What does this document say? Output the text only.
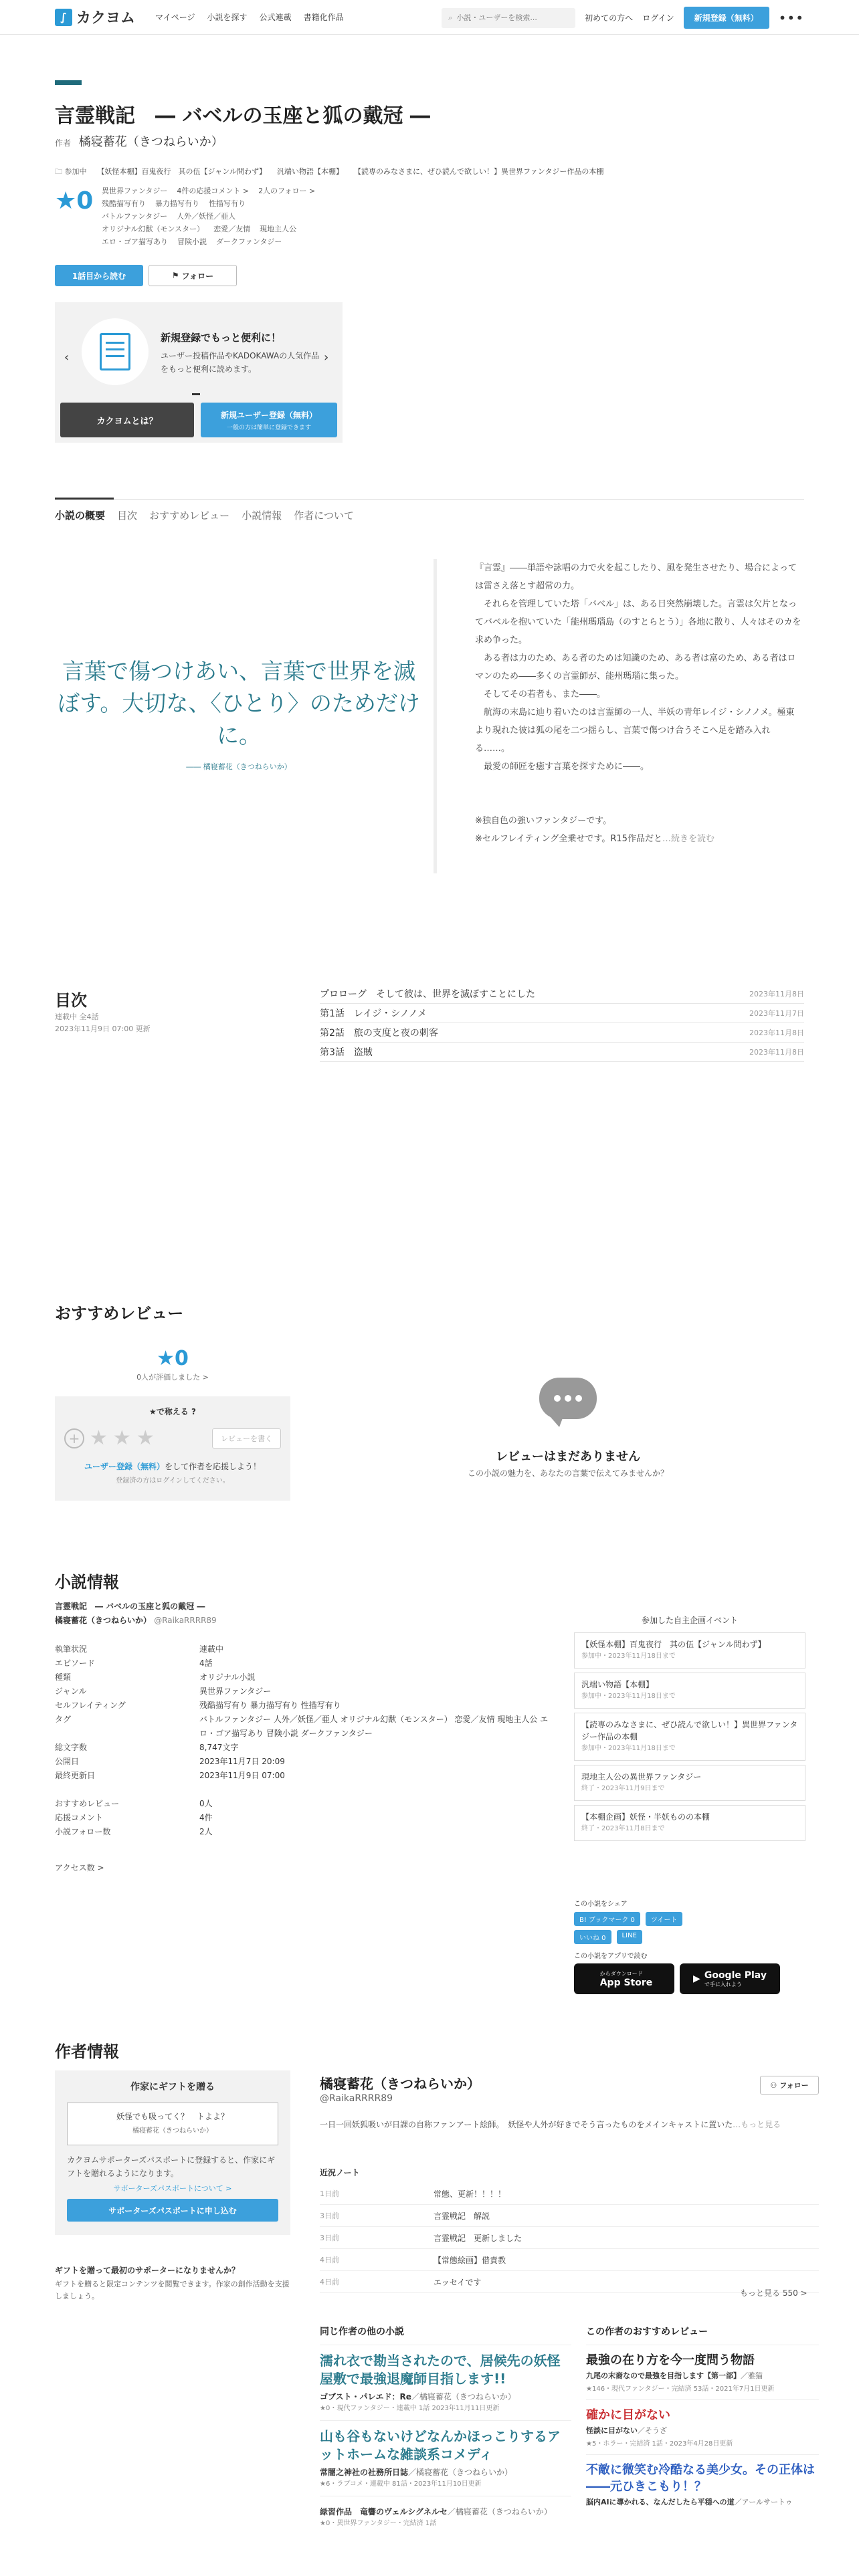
∫ カクヨム	マイページ 小説を探す 公式連載 書籍化作品	⌕
小説・ユーザーを検索...	初めての方へ ログイン	新規登録（無料）	•••
言霊戦記　― バベルの玉座と狐の戴冠 ―
作者 橘寝蓄花（きつねらいか）
🗀 参加中 【妖怪本棚】百鬼夜行　其の伍【ジャンル問わず】 汎端い物語【本棚】 【読専のみなさまに、ぜひ読んで欲しい！】異世界ファンタジー作品の本棚
★0 異世界ファンタジー 4件の応援コメント > 2人のフォロー >
残酷描写有り 暴力描写有り 性描写有り
バトルファンタジー 人外／妖怪／亜人
オリジナル幻獣（モンスター） 恋愛／友情 現地主人公
エロ・ゴア描写あり 冒険小説 ダークファンタジー
1話目から読む	⚑ フォロー
‹	›
新規登録でもっと便利に！
ユーザー投稿作品やKADOKAWAの人気作品をもっと便利に読めます。
カクヨムとは？
新規ユーザー登録（無料）
一般の方は簡単に登録できます
小説の概要 目次 おすすめレビュー 小説情報 作者について
言葉で傷つけあい、言葉で世界を滅ぼす。大切な、〈ひとり〉のためだけに。
―― 橘寝蓄花（きつねらいか）

『言霊』――単語や詠唱の力で火を起こしたり、風を発生させたり、場合によっては雷さえ落とす超常の力。

　それらを管理していた塔「バベル」は、ある日突然崩壊した。言霊は欠片となってバベルを抱いていた「能州瑪瑙島（のすとらとう）」各地に散り、人々はそのカを求め争った。

　ある者は力のため、ある者のためは知識のため、ある者は富のため、ある者はロマンのため――多くの言霊師が、能州瑪瑙に集った。

　そしてその若者も、また――。

　航海の末島に辿り着いたのは言霊師の一人、半妖の青年レイジ・シノノメ。極東より現れた彼は狐の尾を二つ揺らし、言葉で傷つけ合うそこへ足を踏み入れる……。

　最愛の師匠を癒す言葉を探すために――。

※独自色の強いファンタジーです。

※セルフレイティング全乗せです。R15作品だと…続きを読む

目次
連載中 全4話
2023年11月9日 07:00 更新
プロローグ　そして彼は、世界を滅ぼすことにした	2023年11月8日
第1話　レイジ・シノノメ	2023年11月7日
第2話　旅の支度と夜の刺客	2023年11月8日
第3話　盗賊	2023年11月8日
おすすめレビュー
★0
0人が評価しました >
★で称える ?
+ ★ ★ ★	レビューを書く
ユーザー登録（無料）をして作者を応援しよう！
登録済の方はログインしてください。
レビューはまだありません
この小説の魅力を、あなたの言葉で伝えてみませんか？
小説情報
言霊戦記　― バベルの玉座と狐の戴冠 ―
橘寝蓄花（きつねらいか） @RaikaRRRR89
執筆状況	連載中
エピソード	4話
種類	オリジナル小説
ジャンル	異世界ファンタジー
セルフレイティング	残酷描写有り 暴力描写有り 性描写有り
タグ	バトルファンタジー 人外／妖怪／亜人 オリジナル幻獣（モンスター） 恋愛／友情 現地主人公 エロ・ゴア描写あり 冒険小説 ダークファンタジー
総文字数	8,747文字
公開日	2023年11月7日 20:09
最終更新日	2023年11月9日 07:00
おすすめレビュー	0人
応援コメント	4件
小説フォロー数	2人
アクセス数 >
参加した自主企画イベント
【妖怪本棚】百鬼夜行　其の伍【ジャンル問わず】
参加中・2023年11月18日まで
汎端い物語【本棚】
参加中・2023年11月18日まで
【読専のみなさまに、ぜひ読んで欲しい！】異世界ファンタジー作品の本棚
参加中・2023年11月18日まで
現地主人公の異世界ファンタジー
終了・2023年11月9日まで
【本棚企画】妖怪・半妖ものの本棚
終了・2023年11月8日まで
この小説をシェア
B! ブックマーク 0	ツイート
いいね 0	LINE
この小説をアプリで読む
からダウンロード
App Store	▶ Google Play
で手に入れよう
作者情報
作家にギフトを贈る
妖怪でも吸ってく？　トよよ？
橘寝蓄花（きつねらいか）
カクヨムサポーターズパスポートに登録すると、作家にギフトを贈れるようになります。
サポーターズパスポートについて >
サポーターズパスポートに申し込む
ギフトを贈って最初のサポーターになりませんか？

ギフトを贈ると限定コンテンツを閲覧できます。作家の創作活動を支援しましょう。

橘寝蓄花（きつねらいか）
@RaikaRRRR89
⚇ フォロー
一日一回妖狐吸いが日課の自称ファンアート絵師。　妖怪や人外が好きでそう言ったものをメインキャストに置いた…もっと見る
近況ノート
1日前	常態、更新！！！！
3日前	言霊戦記　解説
3日前	言霊戦記　更新しました
4日前	【常態絵画】借責教
4日前	エッセイです
もっと見る 550 >
同じ作者の他の小説
濡れ衣で勘当されたので、居候先の妖怪屋敷で最強退魔師目指します!!
ゴブスト・パレエド：Re／橘寝蓄花（きつねらいか）
★0・現代ファンタジー・連載中 1話 2023年11月11日更新
山も谷もないけどなんかほっこりするアットホームな雑談系コメディ
常闇之神社の社務所日誌／橘寝蓄花（きつねらいか）
★6・ラブコメ・連載中 81話・2023年11月10日更新
緑習作品　竜響のヴェルシグネルセ／橘寝蓄花（きつねらいか）
★0・異世界ファンタジー・完結済 1話
この作者のおすすめレビュー
最強の在り方を今一度問う物語
九尾の末裔なので最強を目指します【第一部】／雅猫
★146・現代ファンタジー・完結済 53話・2021年7月1日更新
確かに目がない
怪談に目がない／そうざ
★5・ホラー・完結済 1話・2023年4月28日更新
不敵に微笑む冷酷なる美少女。その正体は――元ひきこもり！？
脳内AIに導かれる、なんだしたら平穏への道／アールサートゥ
